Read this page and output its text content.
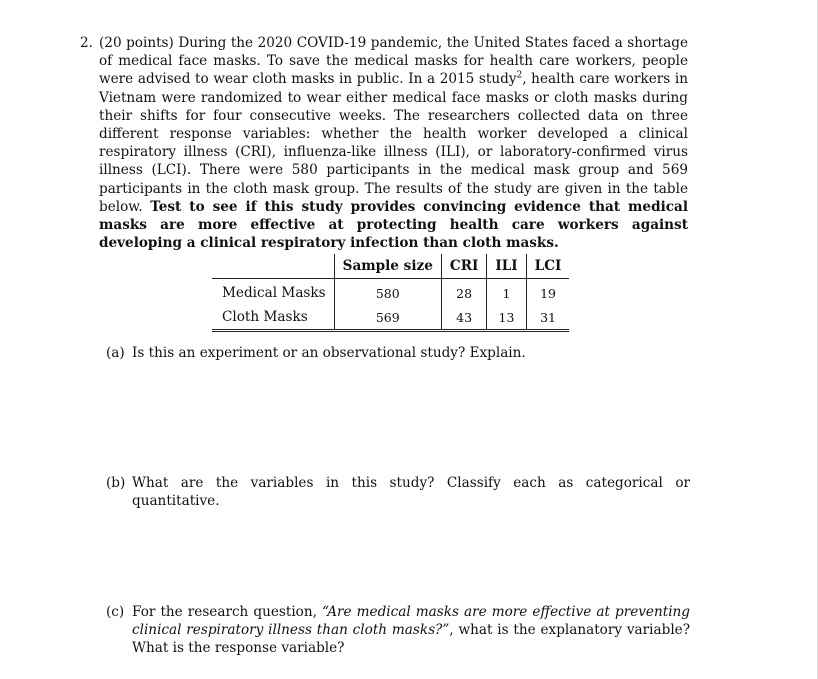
2. (20 points) During the 2020 COVID-19 pandemic, the United States faced a shortage of medical face masks. To save the medical masks for health care workers, people were advised to wear cloth masks in public. In a 2015 study$^2$, health care workers in Vietnam were randomized to wear either medical face masks or cloth masks during their shifts for four consecutive weeks. The researchers collected data on three different response variables: whether the health worker developed a clinical respiratory illness (CRI), influenza-like illness (ILI), or laboratory-confirmed virus illness (LCI). There were 580 participants in the medical mask group and 569 participants in the cloth mask group. The results of the study are given in the table below. Test to see if this study provides convincing evidence that medical masks are more effective at protecting health care workers against developing a clinical respiratory infection than cloth masks.
	Sample size	CRI	ILI	LCI
Medical Masks	580	28	1	19
Cloth Masks	569	43	13	31
(a) Is this an experiment or an observational study? Explain.
(b) What are the variables in this study? Classify each as categorical or quantitative.
(c) For the research question, “Are medical masks are more effective at preventing clinical respiratory illness than cloth masks?”, what is the explanatory variable? What is the response variable?
